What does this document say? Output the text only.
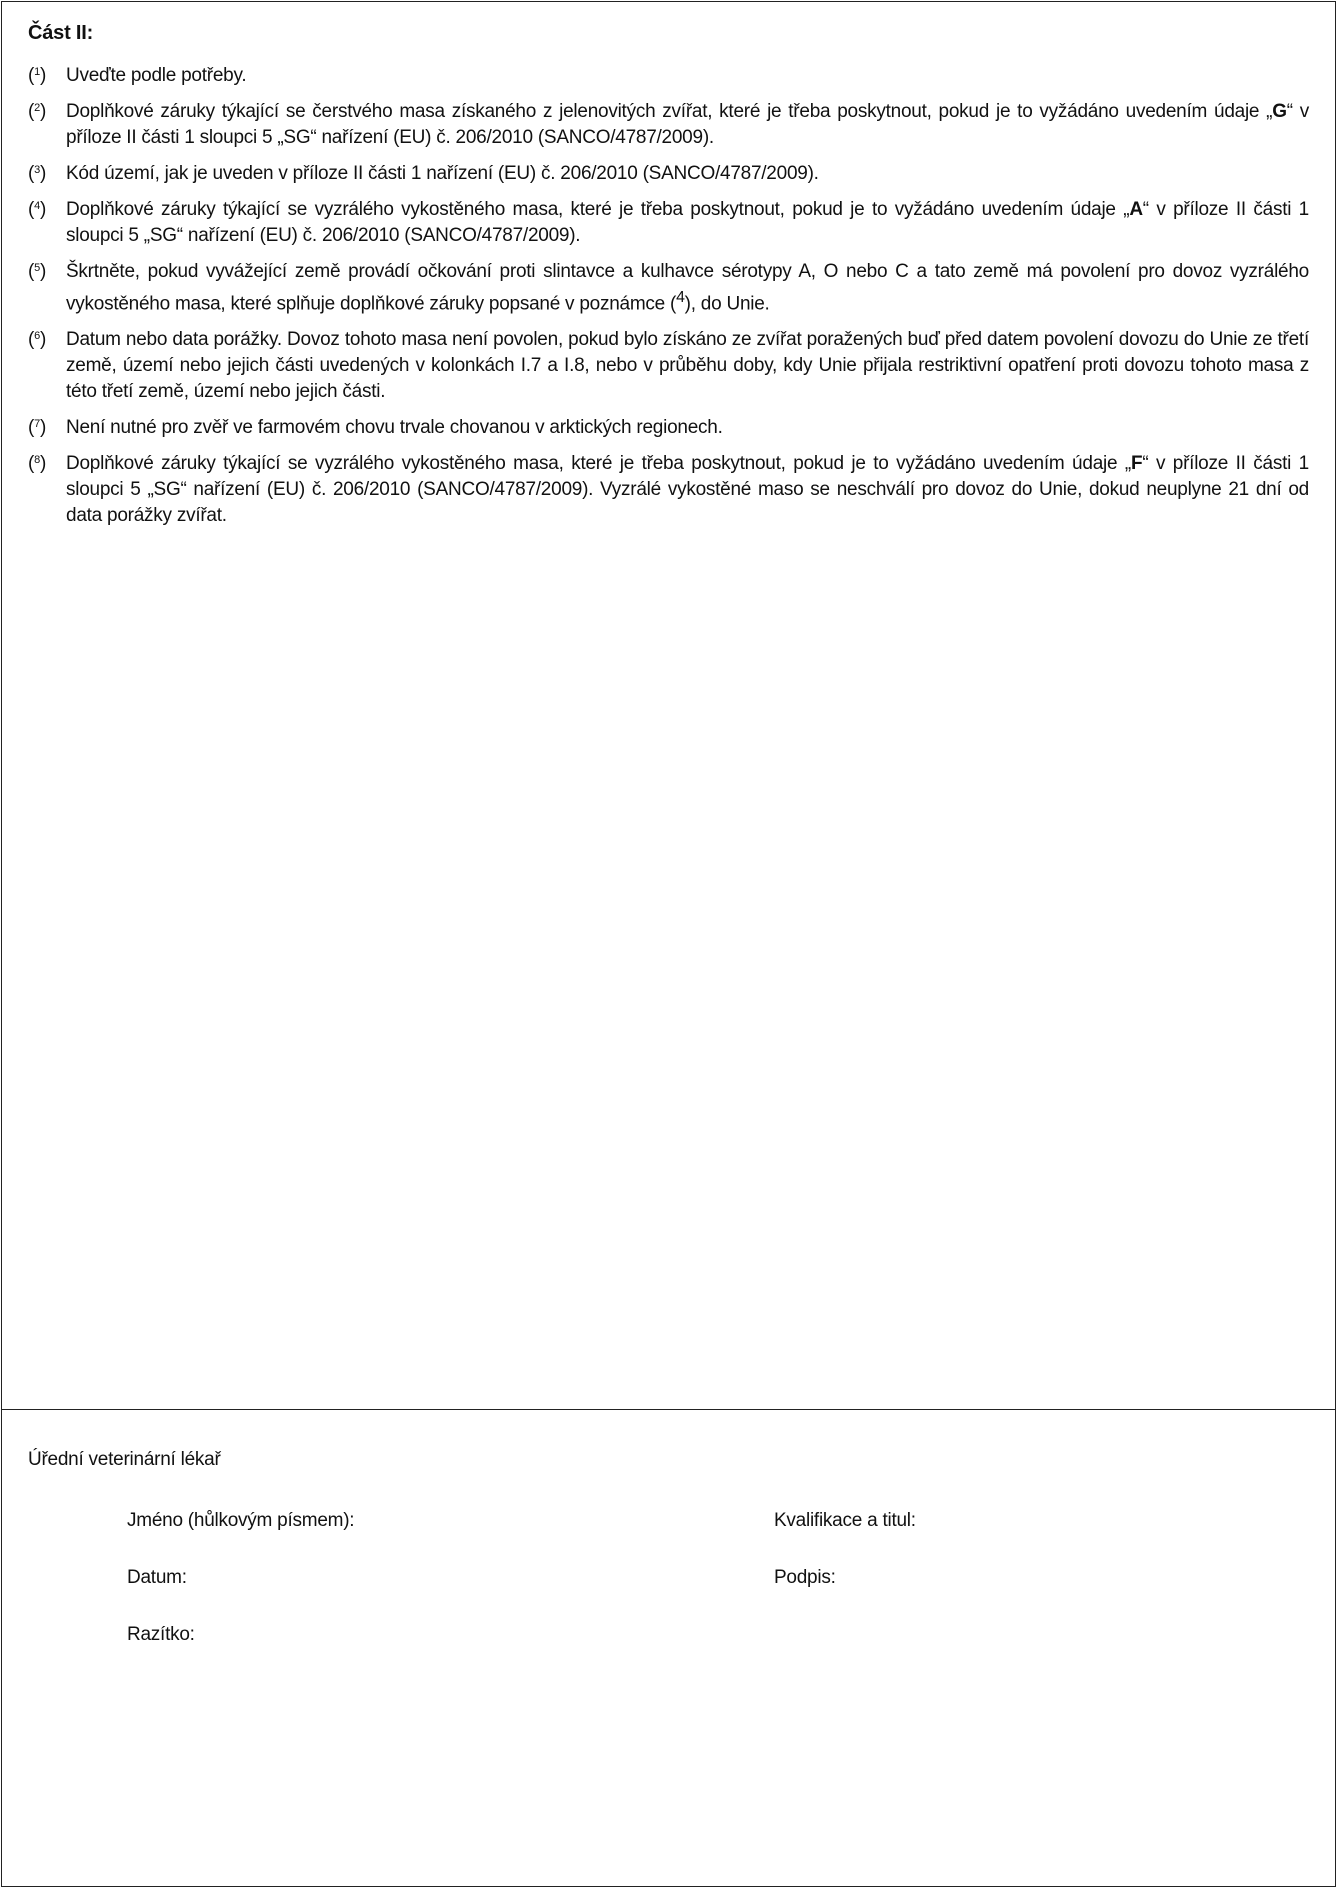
Část II:
($^1$)	Uveďte podle potřeby.
($^2$)	Doplňkové záruky týkající se čerstvého masa získaného z jelenovitých zvířat, které je třeba poskytnout, pokud je to vyžádáno uvedením údaje „G“ v příloze II části 1 sloupci 5 „SG“ nařízení (EU) č. 206/2010 (SANCO/4787/2009).
($^3$)	Kód území, jak je uveden v příloze II části 1 nařízení (EU) č. 206/2010 (SANCO/4787/2009).
($^4$)	Doplňkové záruky týkající se vyzrálého vykostěného masa, které je třeba poskytnout, pokud je to vyžádáno uvedením údaje „A“ v příloze II části 1 sloupci 5 „SG“ nařízení (EU) č. 206/2010 (SANCO/4787/2009).
($^5$)	Škrtněte, pokud vyvážející země provádí očkování proti slintavce a kulhavce sérotypy A, O nebo C a tato země má povolení pro dovoz vyzrálého vykostěného masa, které splňuje doplňkové záruky popsané v poznámce ($^4$), do Unie.
($^6$)	Datum nebo data porážky. Dovoz tohoto masa není povolen, pokud bylo získáno ze zvířat poražených buď před datem povolení dovozu do Unie ze třetí země, území nebo jejich části uvedených v kolonkách I.7 a I.8, nebo v průběhu doby, kdy Unie přijala restriktivní opatření proti dovozu tohoto masa z této třetí země, území nebo jejich části.
($^7$)	Není nutné pro zvěř ve farmovém chovu trvale chovanou v arktických regionech.
($^8$)	Doplňkové záruky týkající se vyzrálého vykostěného masa, které je třeba poskytnout, pokud je to vyžádáno uvedením údaje „F“ v příloze II části 1 sloupci 5 „SG“ nařízení (EU) č. 206/2010 (SANCO/4787/2009). Vyzrálé vykostěné maso se neschválí pro dovoz do Unie, dokud neuplyne 21 dní od data porážky zvířat.
Úřední veterinární lékař
Jméno (hůlkovým písmem):	Kvalifikace a titul:
Datum:	Podpis:
Razítko:
